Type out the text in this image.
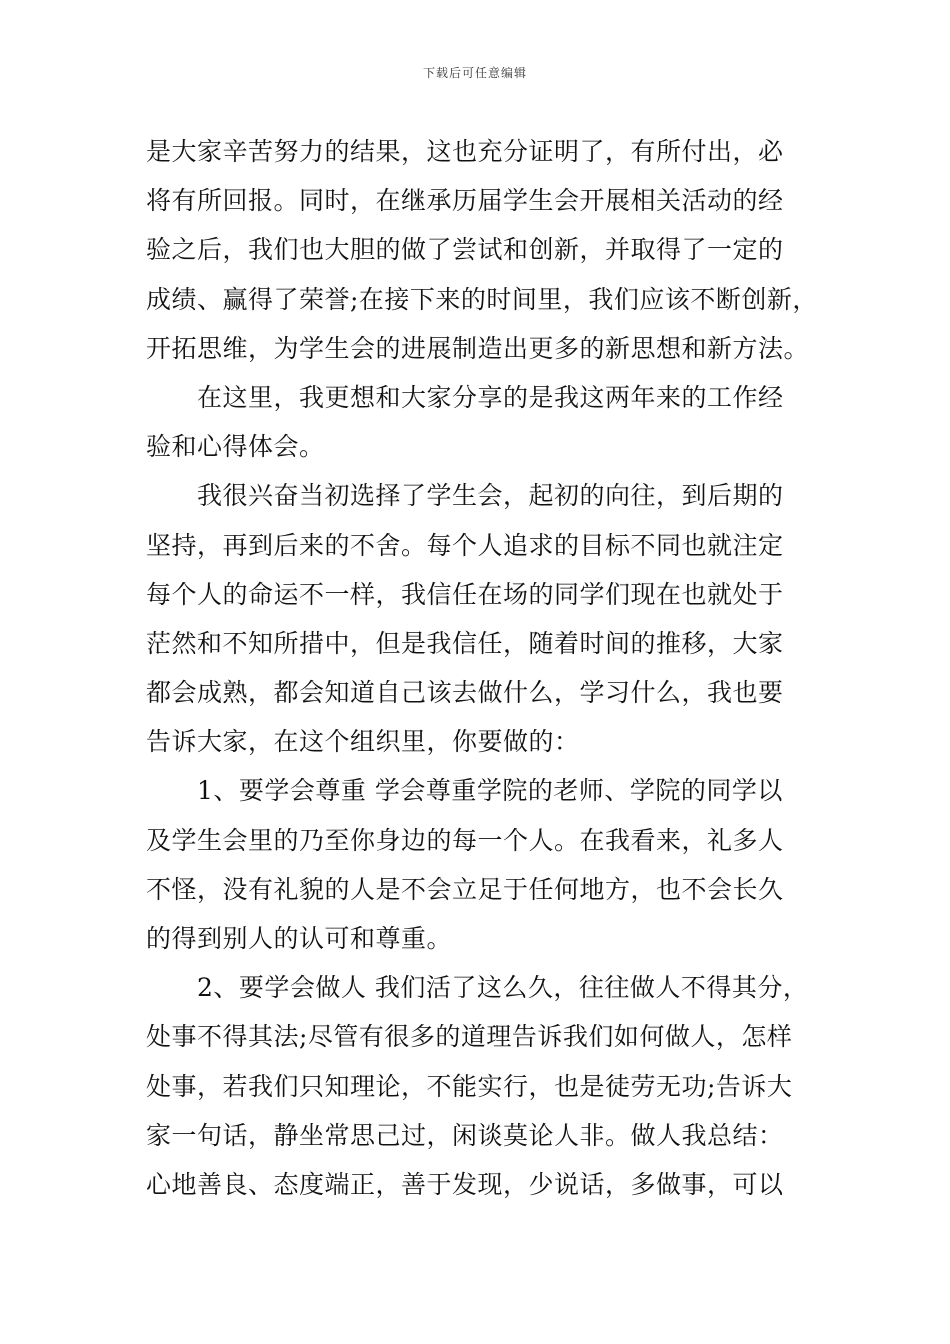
下载后可任意编辑
是大家辛苦努力的结果，这也充分证明了，有所付出，必
将有所回报。同时，在继承历届学生会开展相关活动的经
验之后，我们也大胆的做了尝试和创新，并取得了一定的
成绩、赢得了荣誉;在接下来的时间里，我们应该不断创新，
开拓思维，为学生会的进展制造出更多的新思想和新方法。
在这里，我更想和大家分享的是我这两年来的工作经
验和心得体会。
我很兴奋当初选择了学生会，起初的向往，到后期的
坚持，再到后来的不舍。每个人追求的目标不同也就注定
每个人的命运不一样，我信任在场的同学们现在也就处于
茫然和不知所措中，但是我信任，随着时间的推移，大家
都会成熟，都会知道自己该去做什么，学习什么，我也要
告诉大家，在这个组织里，你要做的：
1、要学会尊重 学会尊重学院的老师、学院的同学以
及学生会里的乃至你身边的每一个人。在我看来，礼多人
不怪，没有礼貌的人是不会立足于任何地方，也不会长久
的得到别人的认可和尊重。
2、要学会做人 我们活了这么久，往往做人不得其分，
处事不得其法;尽管有很多的道理告诉我们如何做人，怎样
处事，若我们只知理论，不能实行，也是徒劳无功;告诉大
家一句话，静坐常思己过，闲谈莫论人非。做人我总结：
心地善良、态度端正，善于发现，少说话，多做事，可以
